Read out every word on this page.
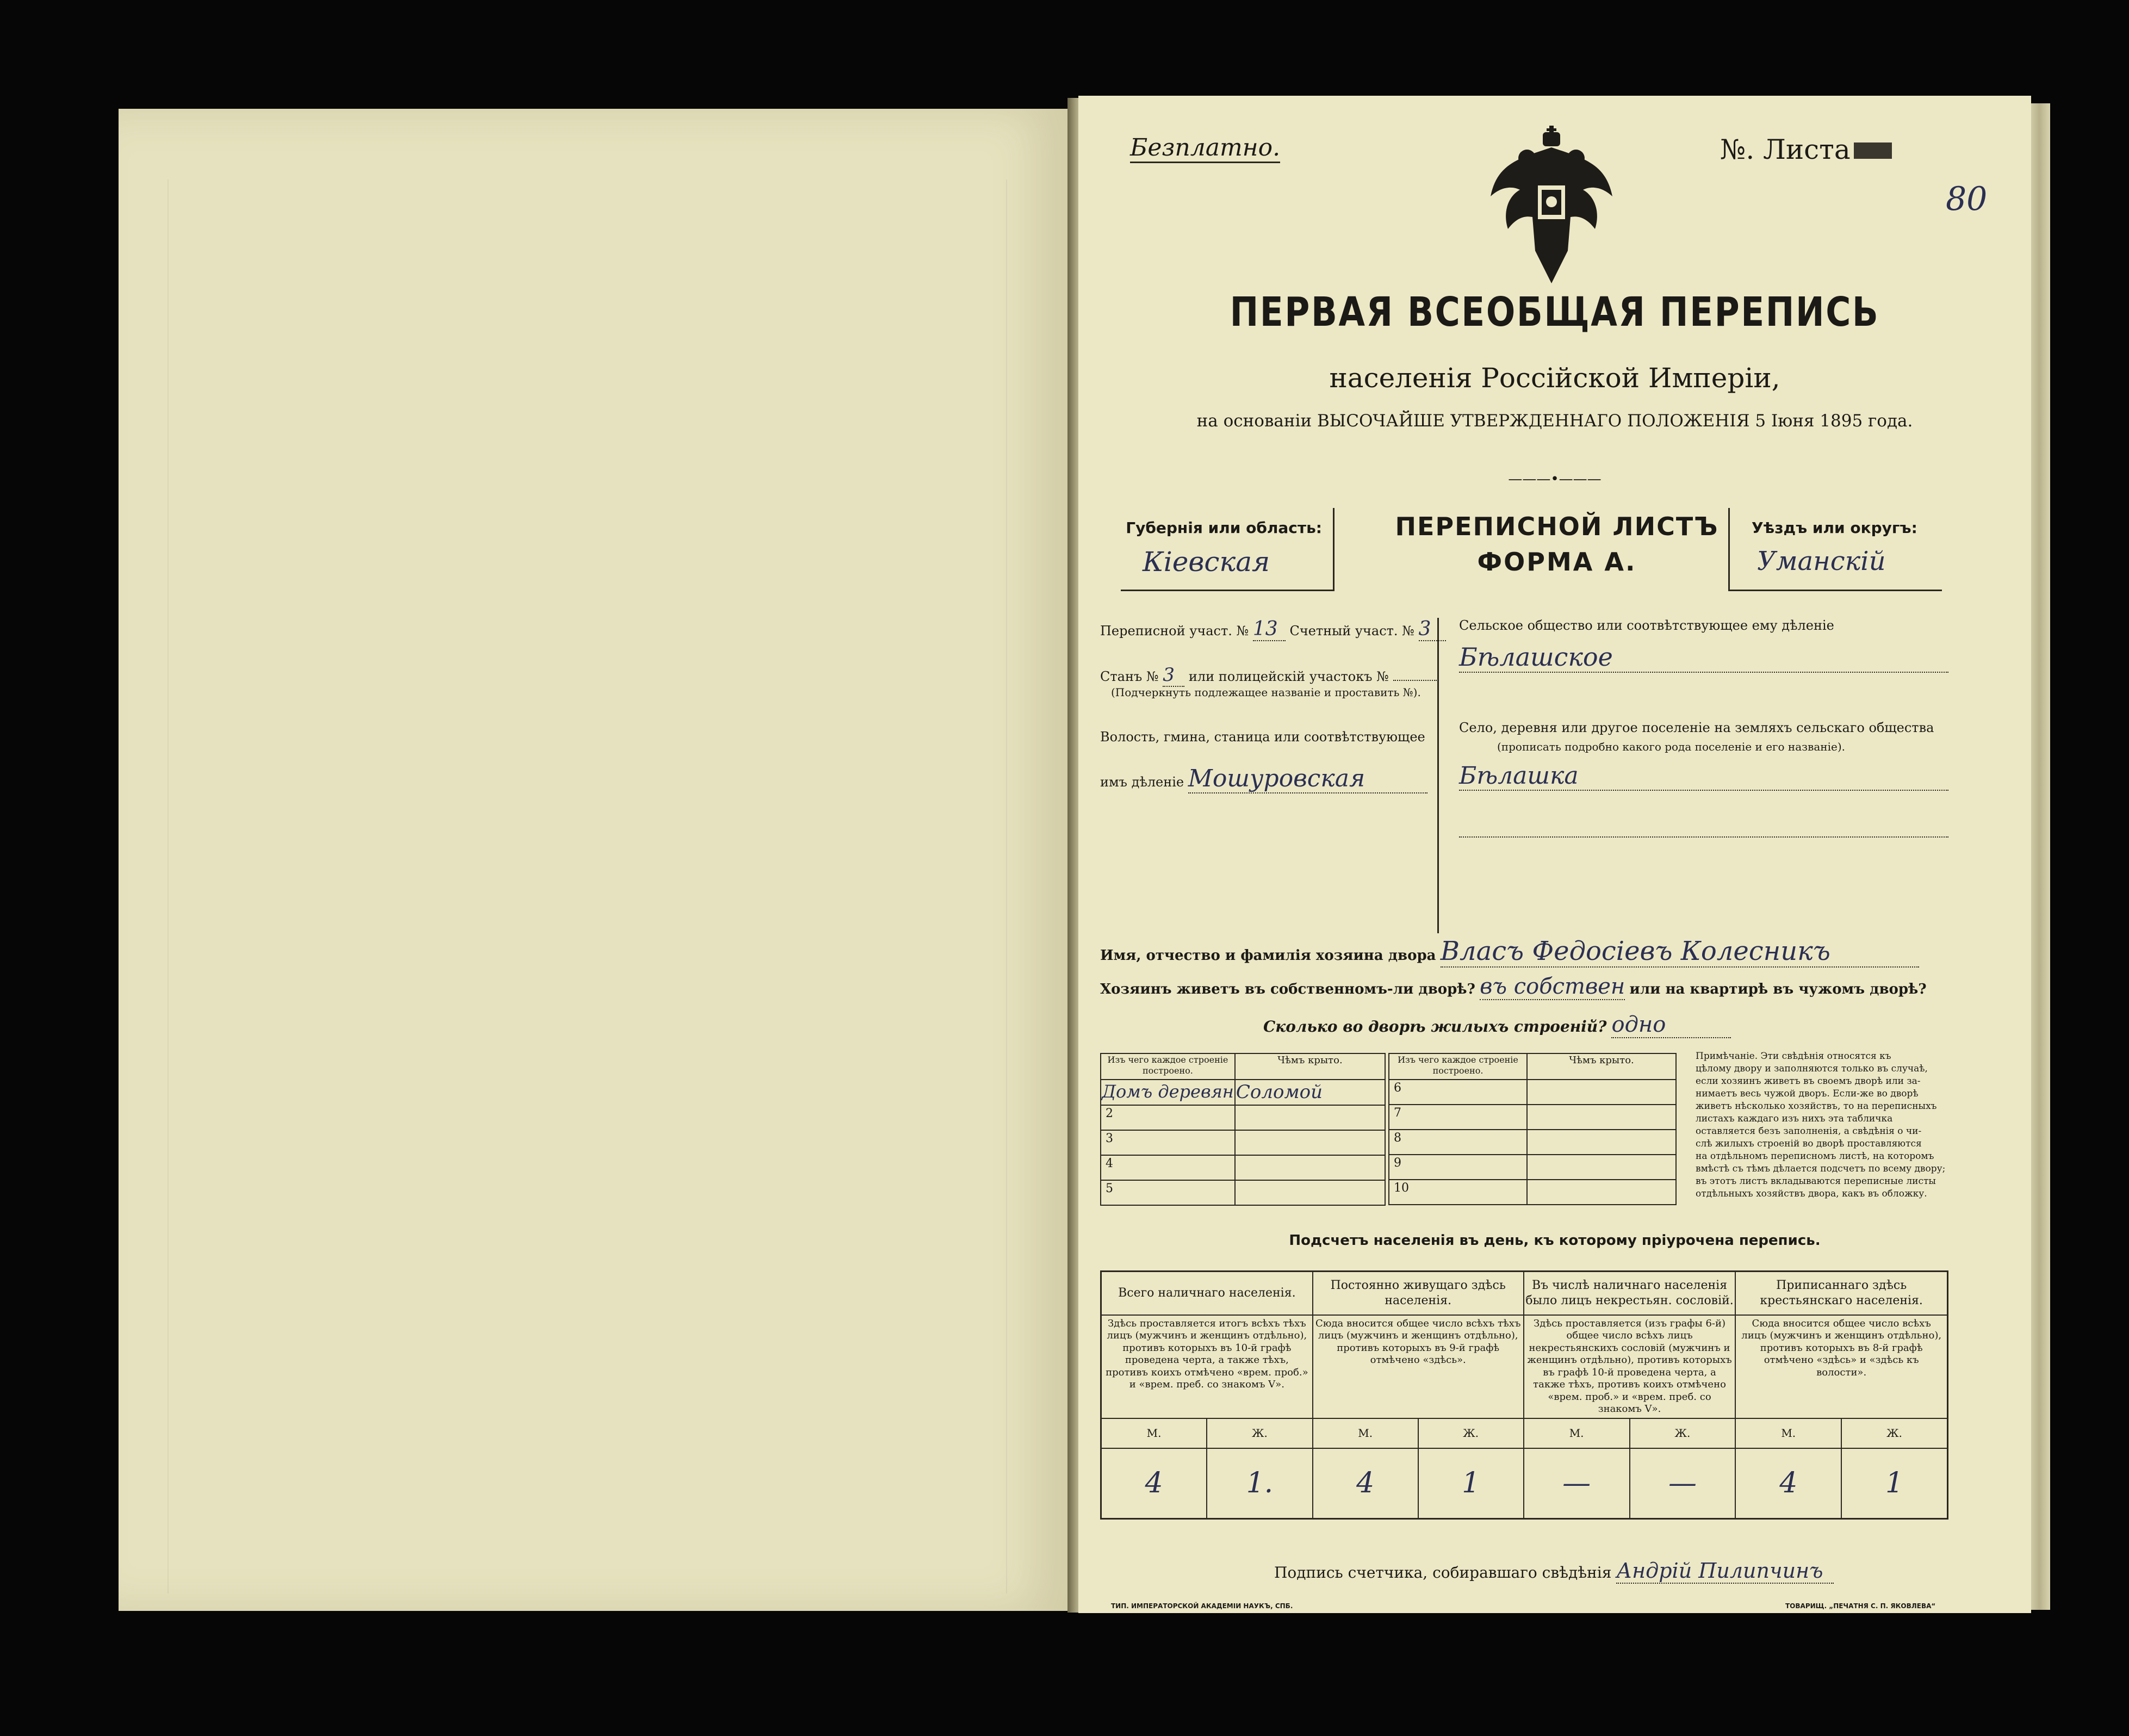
Безплатно.	№. Листа
80
ПЕРВАЯ ВСЕОБЩАЯ ПЕРЕПИСЬ
населенія Россійской Имперіи,
на основаніи ВЫСОЧАЙШЕ УТВЕРЖДЕННАГО ПОЛОЖЕНІЯ 5 Іюня 1895 года.
———•———
Губернія или область:
Кіевская
ПЕРЕПИСНОЙ ЛИСТЪ
ФОРМА А.
Уѣздъ или округъ:
Уманскій
Переписной участ. № 13 Счетный участ. № 3
Станъ № 3 или полицейскій участокъ №
(Подчеркнуть подлежащее названіе и проставить №).
Волость, гмина, станица или соотвѣтствующее
имъ дѣленіе Мошуровская
Сельское общество или соотвѣтствующее ему дѣленіе
Бѣлашское
Село, деревня или другое поселеніе на земляхъ сельскаго общества
(прописать подробно какого рода поселеніе и его названіе).
Бѣлашка
Имя, отчество и фамилія хозяина двора Власъ Федосіевъ Колесникъ
Хозяинъ живетъ въ собственномъ-ли дворѣ? въ собствен или на квартирѣ въ чужомъ дворѣ?
Сколько во дворѣ жилыхъ строеній? одно
Изъ чего каждое строеніе построено.	Чѣмъ крыто.
Домъ деревян	Соломой
2	
3	
4	
5	
Изъ чего каждое строеніе построено.	Чѣмъ крыто.
6	
7	
8	
9	
10	
Примѣчаніе. Эти свѣдѣнія относятся къ
цѣлому двору и заполняются только въ случаѣ,
если хозяинъ живетъ въ своемъ дворѣ или за-
нимаетъ весь чужой дворъ. Если-же во дворѣ
живетъ нѣсколько хозяйствъ, то на переписныхъ
листахъ каждаго изъ нихъ эта табличка
оставляется безъ заполненія, а свѣдѣнія о чи-
слѣ жилыхъ строеній во дворѣ проставляются
на отдѣльномъ переписномъ листѣ, на которомъ
вмѣстѣ съ тѣмъ дѣлается подсчетъ по всему двору;
въ этотъ листъ вкладываются переписные листы
отдѣльныхъ хозяйствъ двора, какъ въ обложку.
Подсчетъ населенія въ день, къ которому пріурочена перепись.
Всего наличнаго населенія.		Постоянно живущаго здѣсь населенія.		Въ числѣ наличнаго населенія было лицъ некрестьян. сословій.		Приписаннаго здѣсь крестьянскаго населенія.	
Здѣсь проставляется итогъ всѣхъ тѣхъ лицъ (мужчинъ и женщинъ отдѣльно), противъ которыхъ въ 10-й графѣ проведена черта, а также тѣхъ, противъ коихъ отмѣчено «врем. проб.» и «врем. преб. со знакомъ V».		Сюда вносится общее число всѣхъ тѣхъ лицъ (мужчинъ и женщинъ отдѣльно), противъ которыхъ въ 9-й графѣ отмѣчено «здѣсь».		Здѣсь проставляется (изъ графы 6-й) общее число всѣхъ лицъ некрестьянскихъ сословій (мужчинъ и женщинъ отдѣльно), противъ которыхъ въ графѣ 10-й проведена черта, а также тѣхъ, противъ коихъ отмѣчено «врем. проб.» и «врем. преб. со знакомъ V».		Сюда вносится общее число всѣхъ лицъ (мужчинъ и женщинъ отдѣльно), противъ которыхъ въ 8-й графѣ отмѣчено «здѣсь» и «здѣсь къ волости».	
М.	Ж.	М.	Ж.	М.	Ж.	М.	Ж.
4	1.	4	1	—	—	4	1
Подпись счетчика, собиравшаго свѣдѣнія Андрій Пилипчинъ
ТИП. ИМПЕРАТОРСКОЙ АКАДЕМІИ НАУКЪ, СПБ.	ТОВАРИЩ. „ПЕЧАТНЯ С. П. ЯКОВЛЕВА“
